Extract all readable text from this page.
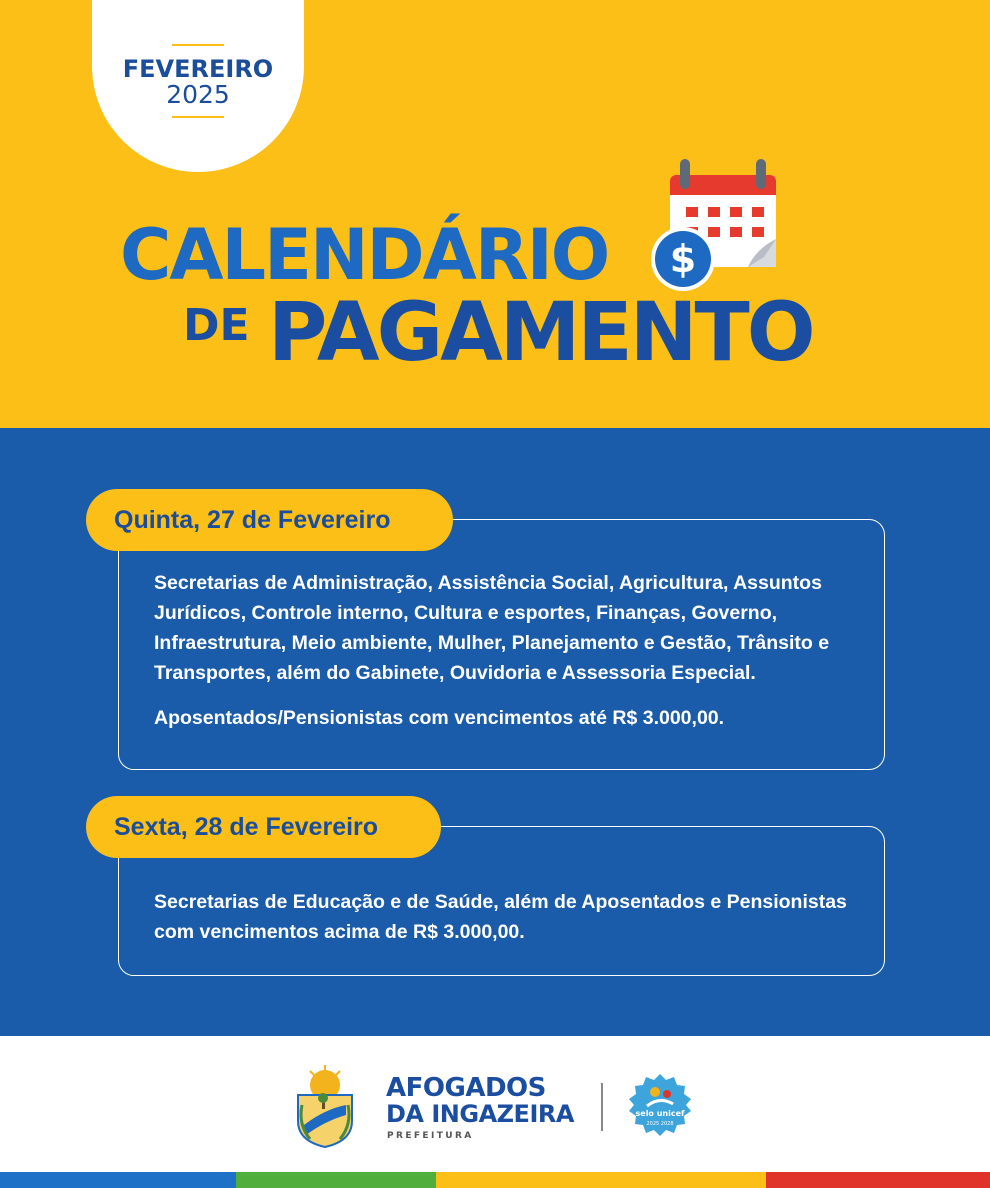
FEVEREIRO
2025
$
CALENDÁRIO
DE PAGAMENTO
Quinta, 27 de Fevereiro
Secretarias de Administração, Assistência Social, Agricultura, Assuntos Jurídicos, Controle interno, Cultura e esportes, Finanças, Governo, Infraestrutura, Meio ambiente, Mulher, Planejamento e Gestão, Trânsito e Transportes, além do Gabinete, Ouvidoria e Assessoria Especial.
Aposentados/Pensionistas com vencimentos até R$ 3.000,00.
Sexta, 28 de Fevereiro
Secretarias de Educação e de Saúde, além de Aposentados e Pensionistas com vencimentos acima de R$ 3.000,00.
AFOGADOS
DA INGAZEIRA
PREFEITURA
selo unicef
2025 2028
